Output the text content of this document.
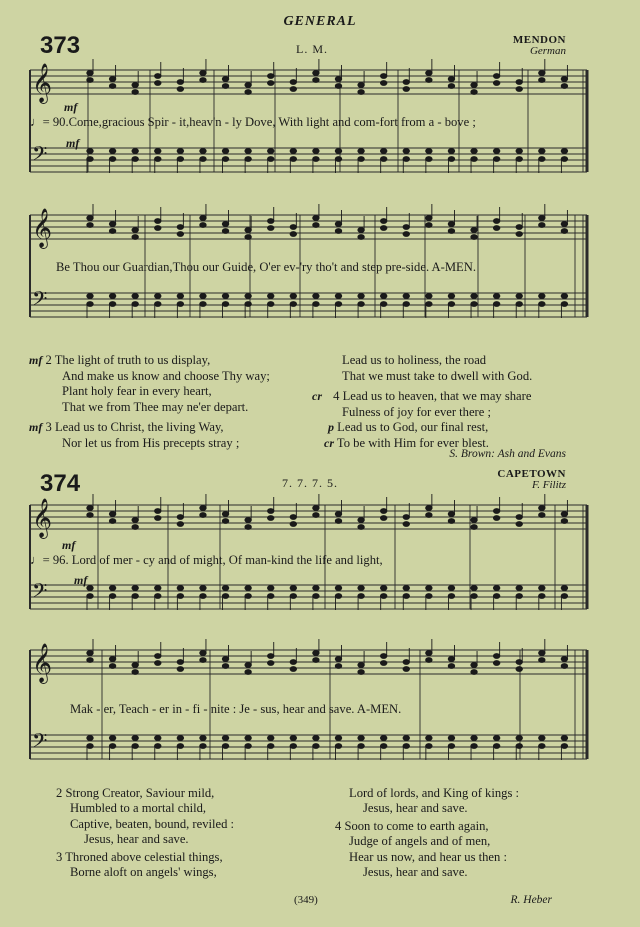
GENERAL
373	L. M.
MENDON
German
𝄞
𝄢
𝄞
𝄢
𝄞
𝄢
𝄞
𝄢
mf
mf
♩= 90.Come,gracious Spir - it,heav'n - ly Dove, With light and com-fort from a - bove ;
Be Thou our Guardian,Thou our Guide, O'er ev-'ry tho't and step pre-side. A-MEN.
mf 2 The light of truth to us display,
And make us know and choose Thy way;
Plant holy fear in every heart,
That we from Thee may ne'er depart.
mf 3 Lead us to Christ, the living Way,
Nor let us from His precepts stray ;
Lead us to holiness, the road
That we must take to dwell with God.
cr 4 Lead us to heaven, that we may share
Fulness of joy for ever there ;
p Lead us to God, our final rest,
cr To be with Him for ever blest.
S. Brown: Ash and Evans
374	7. 7. 7. 5.
CAPETOWN
F. Filitz
mf
mf
♩= 96. Lord of mer - cy and of might, Of man-kind the life and light,
Mak - er, Teach - er in - fi - nite : Je - sus, hear and save. A-MEN.
2 Strong Creator, Saviour mild,
Humbled to a mortal child,
Captive, beaten, bound, reviled :
Jesus, hear and save.
3 Throned above celestial things,
Borne aloft on angels' wings,
Lord of lords, and King of kings :
Jesus, hear and save.
4 Soon to come to earth again,
Judge of angels and of men,
Hear us now, and hear us then :
Jesus, hear and save.
(349)	R. Heber
